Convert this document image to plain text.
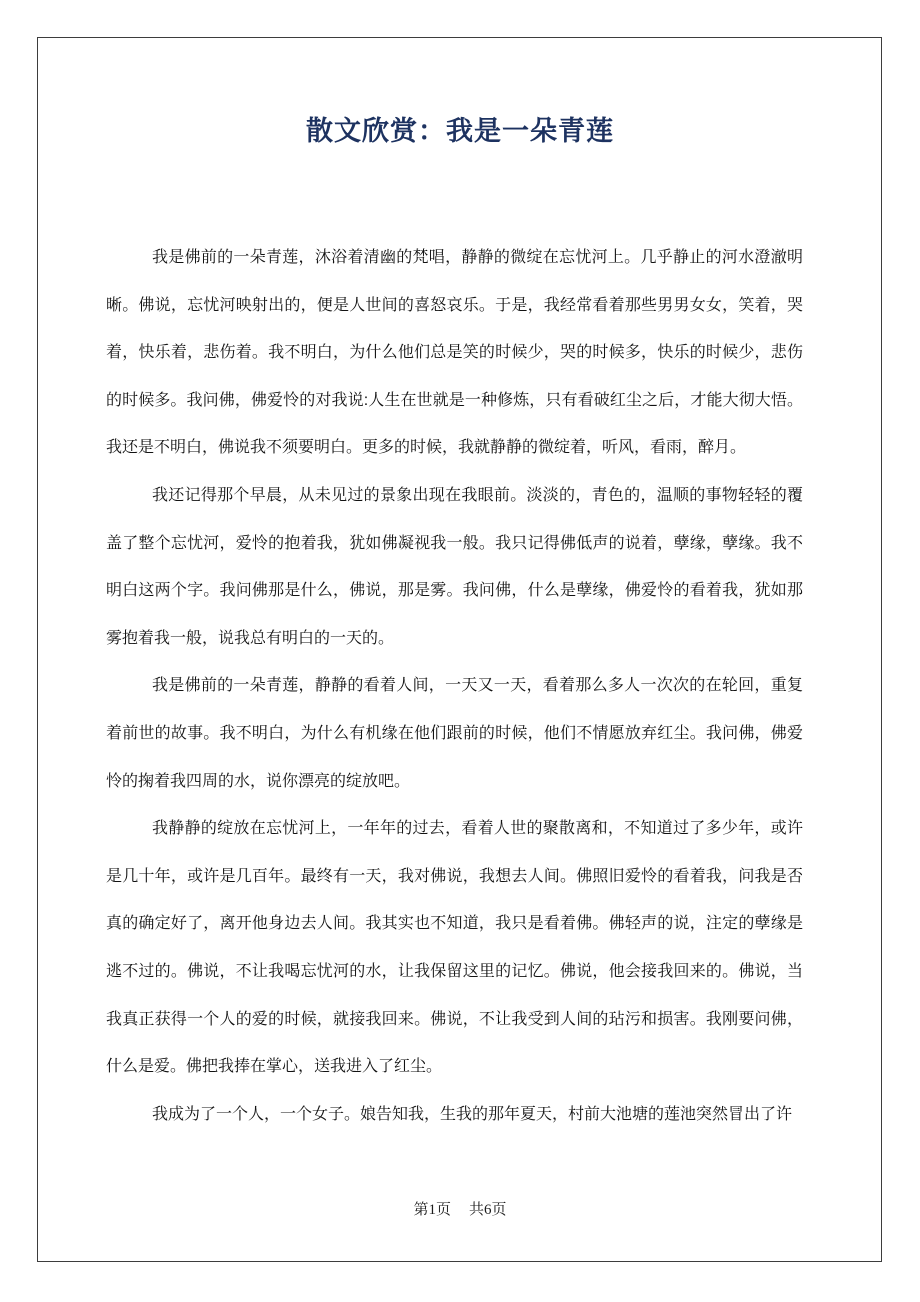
散文欣赏：我是一朵青莲

我是佛前的一朵青莲，沐浴着清幽的梵唱，静静的微绽在忘忧河上。几乎静止的河水澄澈明晰。佛说，忘忧河映射出的，便是人世间的喜怒哀乐。于是，我经常看着那些男男女女，笑着，哭着，快乐着，悲伤着。我不明白，为什么他们总是笑的时候少，哭的时候多，快乐的时候少，悲伤的时候多。我问佛，佛爱怜的对我说:人生在世就是一种修炼，只有看破红尘之后，才能大彻大悟。我还是不明白，佛说我不须要明白。更多的时候，我就静静的微绽着，听风，看雨，醉月。

我还记得那个早晨，从未见过的景象出现在我眼前。淡淡的，青色的，温顺的事物轻轻的覆盖了整个忘忧河，爱怜的抱着我，犹如佛凝视我一般。我只记得佛低声的说着，孽缘，孽缘。我不明白这两个字。我问佛那是什么，佛说，那是雾。我问佛，什么是孽缘，佛爱怜的看着我，犹如那雾抱着我一般，说我总有明白的一天的。

我是佛前的一朵青莲，静静的看着人间，一天又一天，看着那么多人一次次的在轮回，重复着前世的故事。我不明白，为什么有机缘在他们跟前的时候，他们不情愿放弃红尘。我问佛，佛爱怜的掬着我四周的水，说你漂亮的绽放吧。

我静静的绽放在忘忧河上，一年年的过去，看着人世的聚散离和，不知道过了多少年，或许是几十年，或许是几百年。最终有一天，我对佛说，我想去人间。佛照旧爱怜的看着我，问我是否真的确定好了，离开他身边去人间。我其实也不知道，我只是看着佛。佛轻声的说，注定的孽缘是逃不过的。佛说，不让我喝忘忧河的水，让我保留这里的记忆。佛说，他会接我回来的。佛说，当我真正获得一个人的爱的时候，就接我回来。佛说，不让我受到人间的玷污和损害。我刚要问佛，什么是爱。佛把我捧在掌心，送我进入了红尘。

我成为了一个人，一个女子。娘告知我，生我的那年夏天，村前大池塘的莲池突然冒出了许

第1页 共6页
